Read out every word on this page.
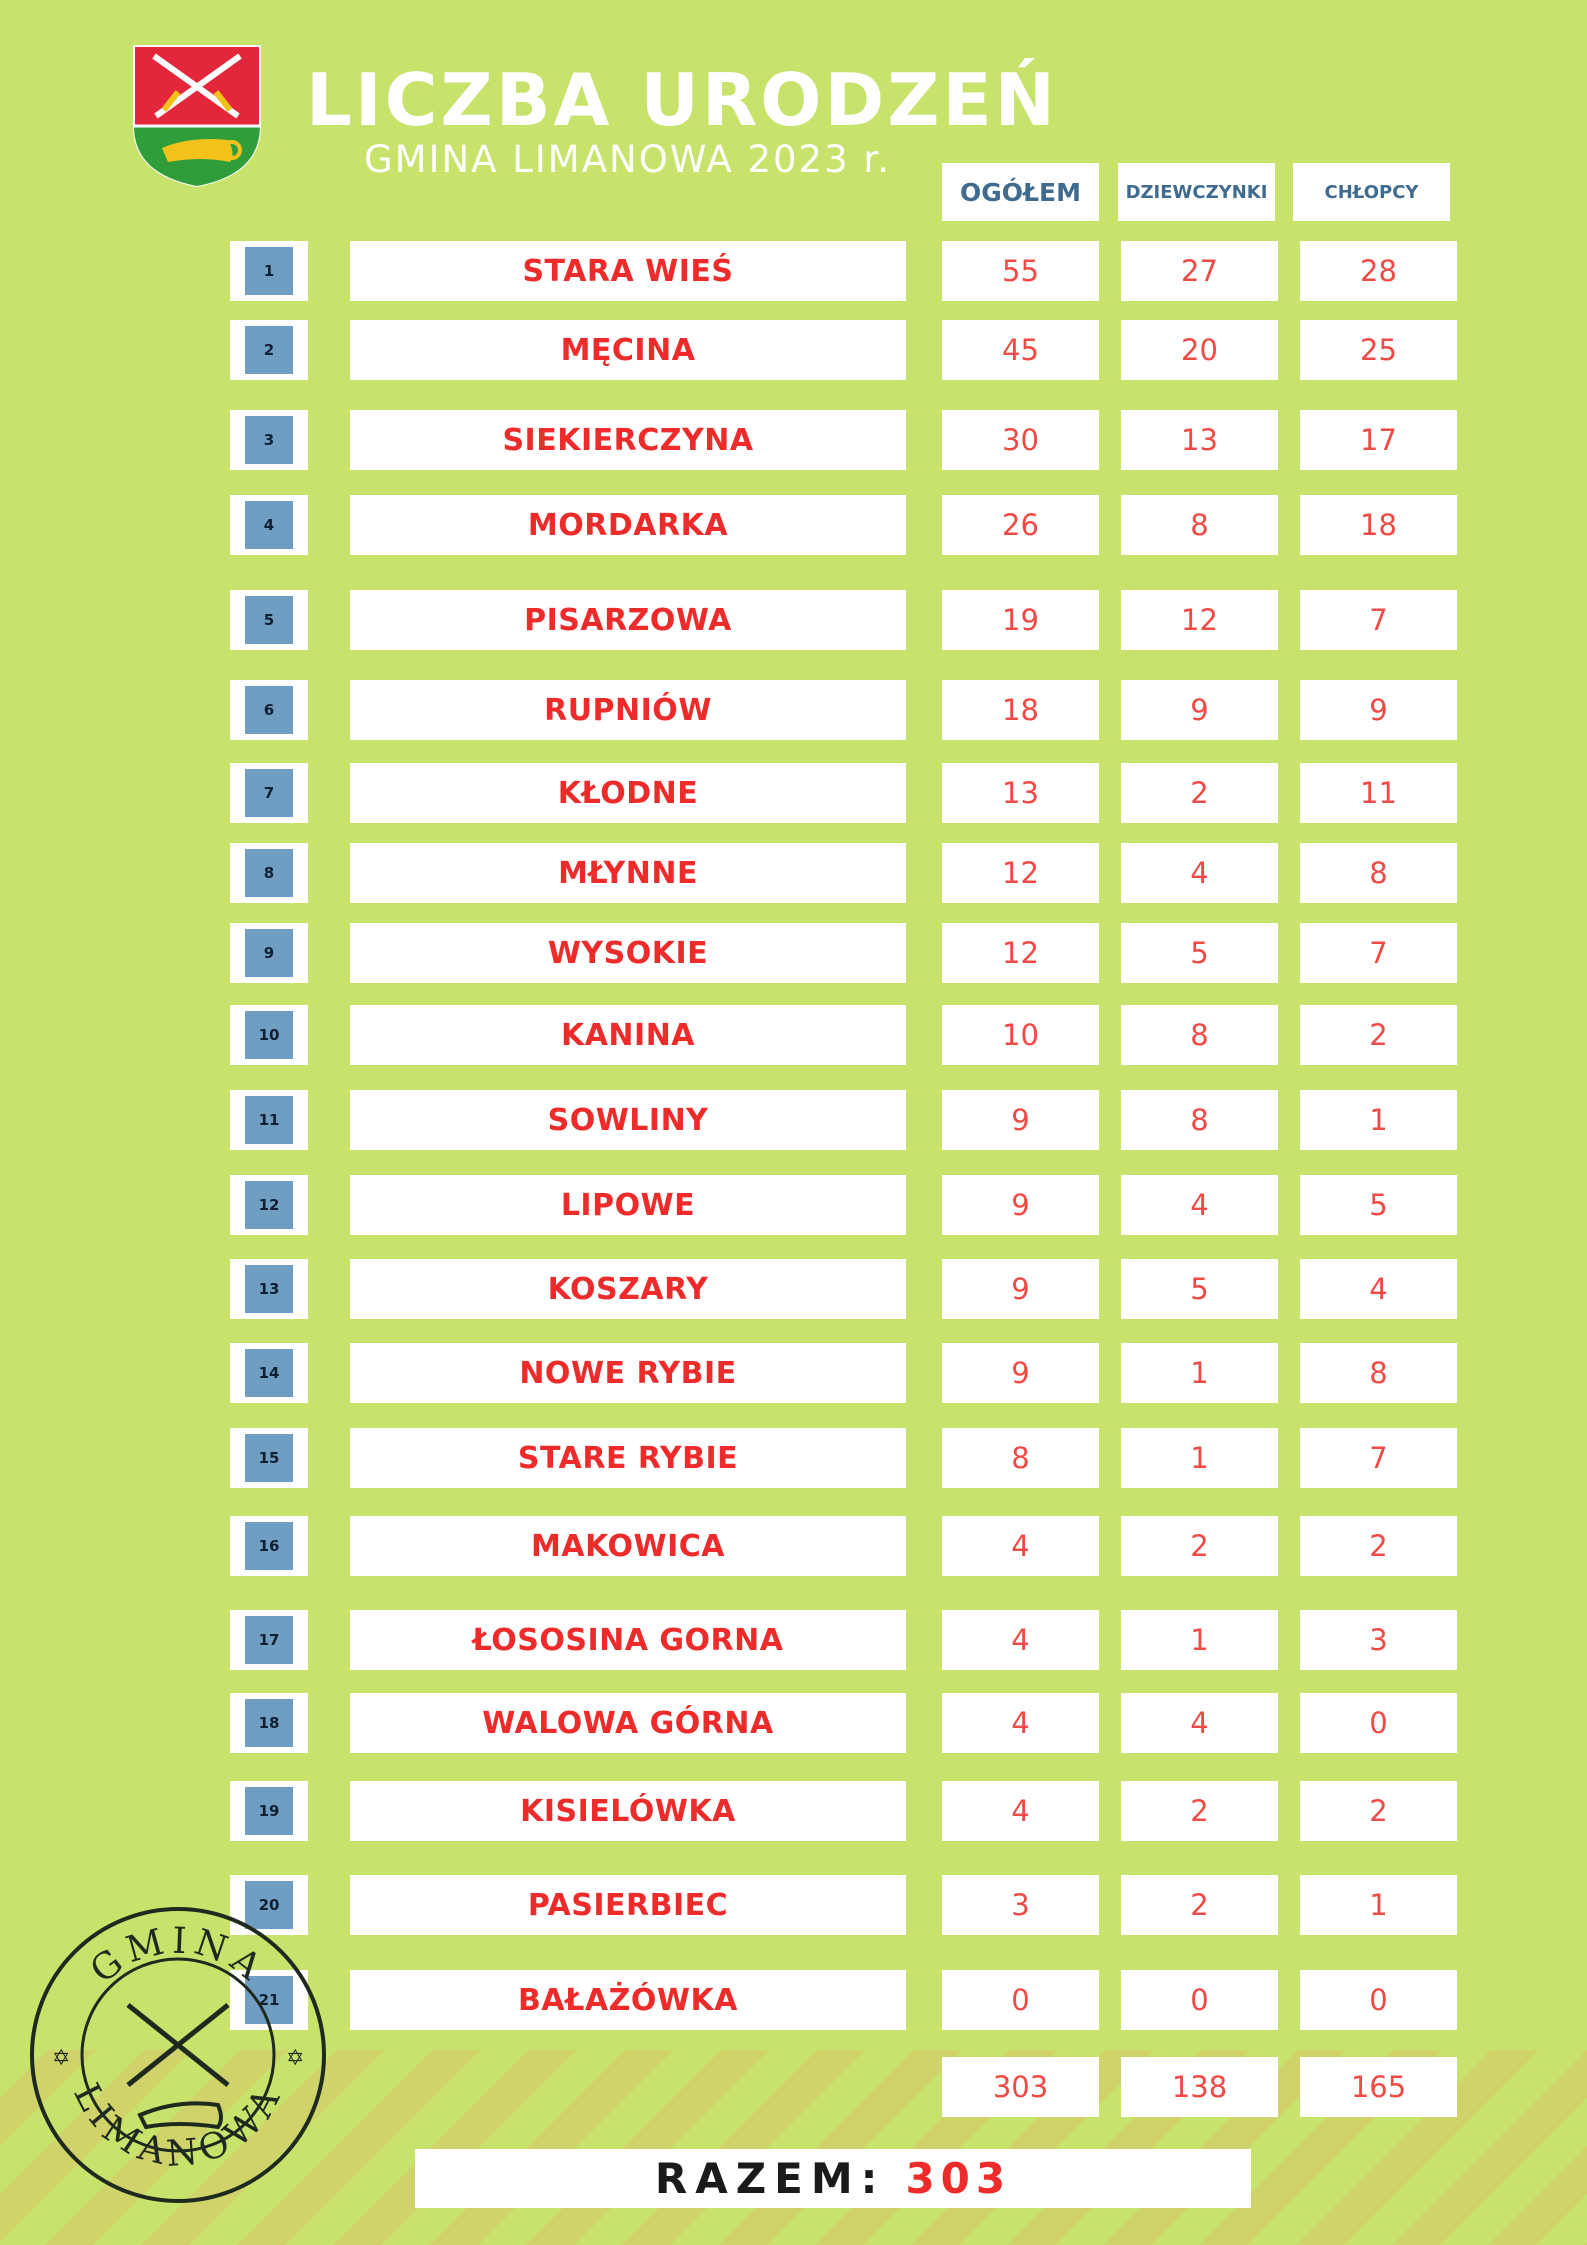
LICZBA URODZEŃ
GMINA LIMANOWA 2023 r.
OGÓŁEM	DZIEWCZYNKI	CHŁOPCY
1	STARA WIEŚ	55	27	28
2	MĘCINA	45	20	25
3	SIEKIERCZYNA	30	13	17
4	MORDARKA	26	8	18
5	PISARZOWA	19	12	7
6	RUPNIÓW	18	9	9
7	KŁODNE	13	2	11
8	MŁYNNE	12	4	8
9	WYSOKIE	12	5	7
10	KANINA	10	8	2
11	SOWLINY	9	8	1
12	LIPOWE	9	4	5
13	KOSZARY	9	5	4
14	NOWE RYBIE	9	1	8
15	STARE RYBIE	8	1	7
16	MAKOWICA	4	2	2
17	ŁOSOSINA GORNA	4	1	3
18	WALOWA GÓRNA	4	4	0
19	KISIELÓWKA	4	2	2
20	PASIERBIEC	3	2	1
21	BAŁAŻÓWKA	0	0	0
303	138	165
RAZEM: 303
GMINA
LIMANOWA
✡	✡
